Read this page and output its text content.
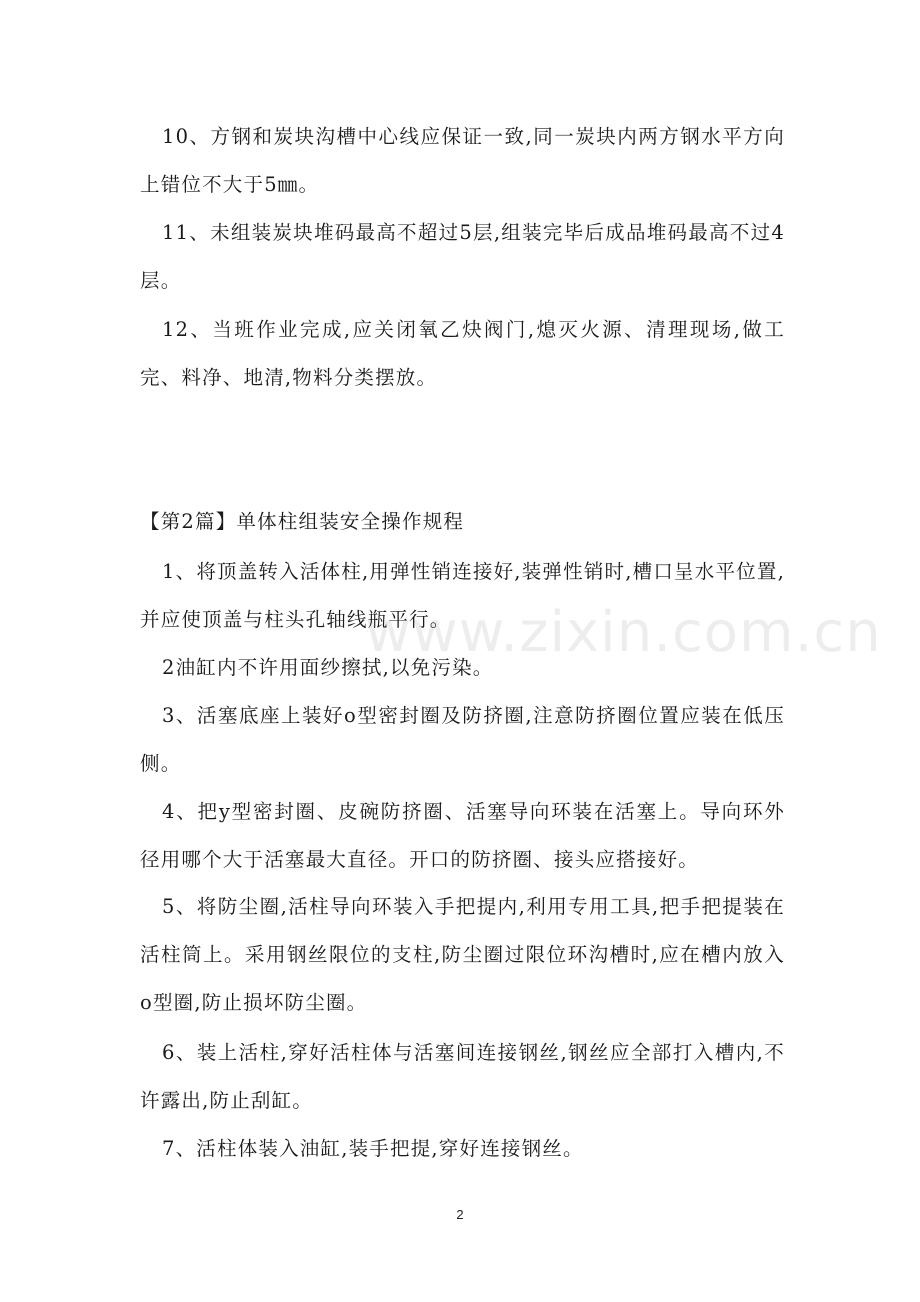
10、方钢和炭块沟槽中心线应保证一致,同一炭块内两方钢水平方向上错位不大于5㎜。

11、未组装炭块堆码最高不超过5层,组装完毕后成品堆码最高不过4层。

12、当班作业完成,应关闭氧乙炔阀门,熄灭火源、清理现场,做工完、料净、地清,物料分类摆放。

【第2篇】单体柱组装安全操作规程

1、将顶盖转入活体柱,用弹性销连接好,装弹性销时,槽口呈水平位置,并应使顶盖与柱头孔轴线瓶平行。

2油缸内不许用面纱擦拭,以免污染。

3、活塞底座上装好o型密封圈及防挤圈,注意防挤圈位置应装在低压侧。

4、把y型密封圈、皮碗防挤圈、活塞导向环装在活塞上。导向环外径用哪个大于活塞最大直径。开口的防挤圈、接头应搭接好。

5、将防尘圈,活柱导向环装入手把提内,利用专用工具,把手把提装在活柱筒上。采用钢丝限位的支柱,防尘圈过限位环沟槽时,应在槽内放入o型圈,防止损坏防尘圈。

6、装上活柱,穿好活柱体与活塞间连接钢丝,钢丝应全部打入槽内,不许露出,防止刮缸。

7、活柱体装入油缸,装手把提,穿好连接钢丝。

www.zixin.com.cn
2
